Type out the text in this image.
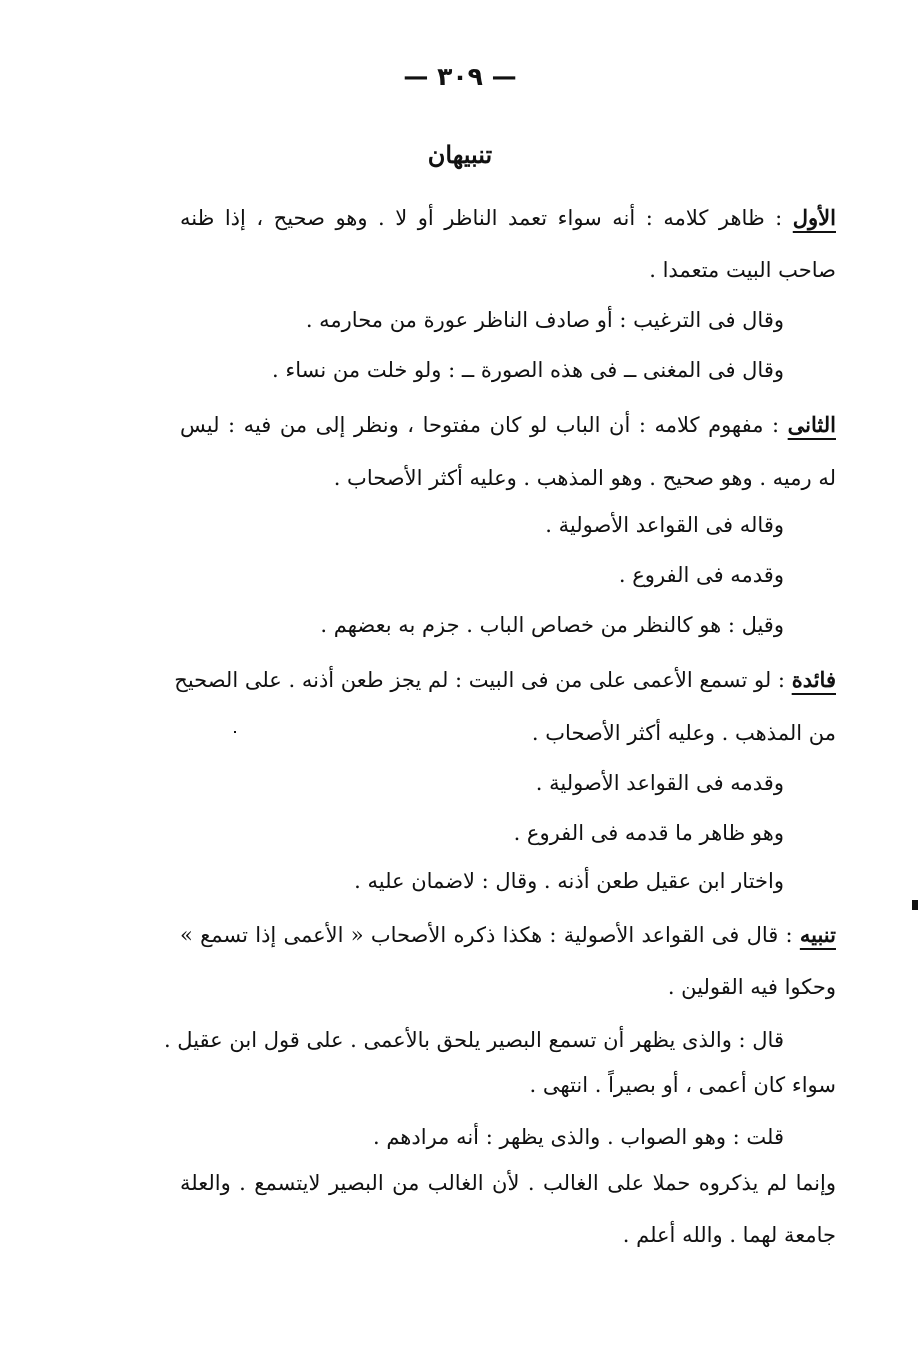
— ٣٠٩ —
تنبيهان
الأول : ظاهر كلامه : أنه سواء تعمد الناظر أو لا . وهو صحيح ، إذا ظنه
صاحب البيت متعمدا .
وقال فى الترغيب : أو صادف الناظر عورة من محارمه .
وقال فى المغنى ــ فى هذه الصورة ــ : ولو خلت من نساء .
الثانى : مفهوم كلامه : أن الباب لو كان مفتوحا ، ونظر إلى من فيه : ليس
له رميه . وهو صحيح . وهو المذهب . وعليه أكثر الأصحاب .
وقاله فى القواعد الأصولية .
وقدمه فى الفروع .
وقيل : هو كالنظر من خصاص الباب . جزم به بعضهم .
فائدة : لو تسمع الأعمى على من فى البيت : لم يجز طعن أذنه . على الصحيح
من المذهب . وعليه أكثر الأصحاب .
وقدمه فى القواعد الأصولية .
وهو ظاهر ما قدمه فى الفروع .
واختار ابن عقيل طعن أذنه . وقال : لاضمان عليه .
تنبيه : قال فى القواعد الأصولية : هكذا ذكره الأصحاب « الأعمى إذا تسمع »
وحكوا فيه القولين .
قال : والذى يظهر أن تسمع البصير يلحق بالأعمى . على قول ابن عقيل .
سواء كان أعمى ، أو بصيراً . انتهى .
قلت : وهو الصواب . والذى يظهر : أنه مرادهم .
وإنما لم يذكروه حملا على الغالب . لأن الغالب من البصير لايتسمع . والعلة
جامعة لهما . والله أعلم .
